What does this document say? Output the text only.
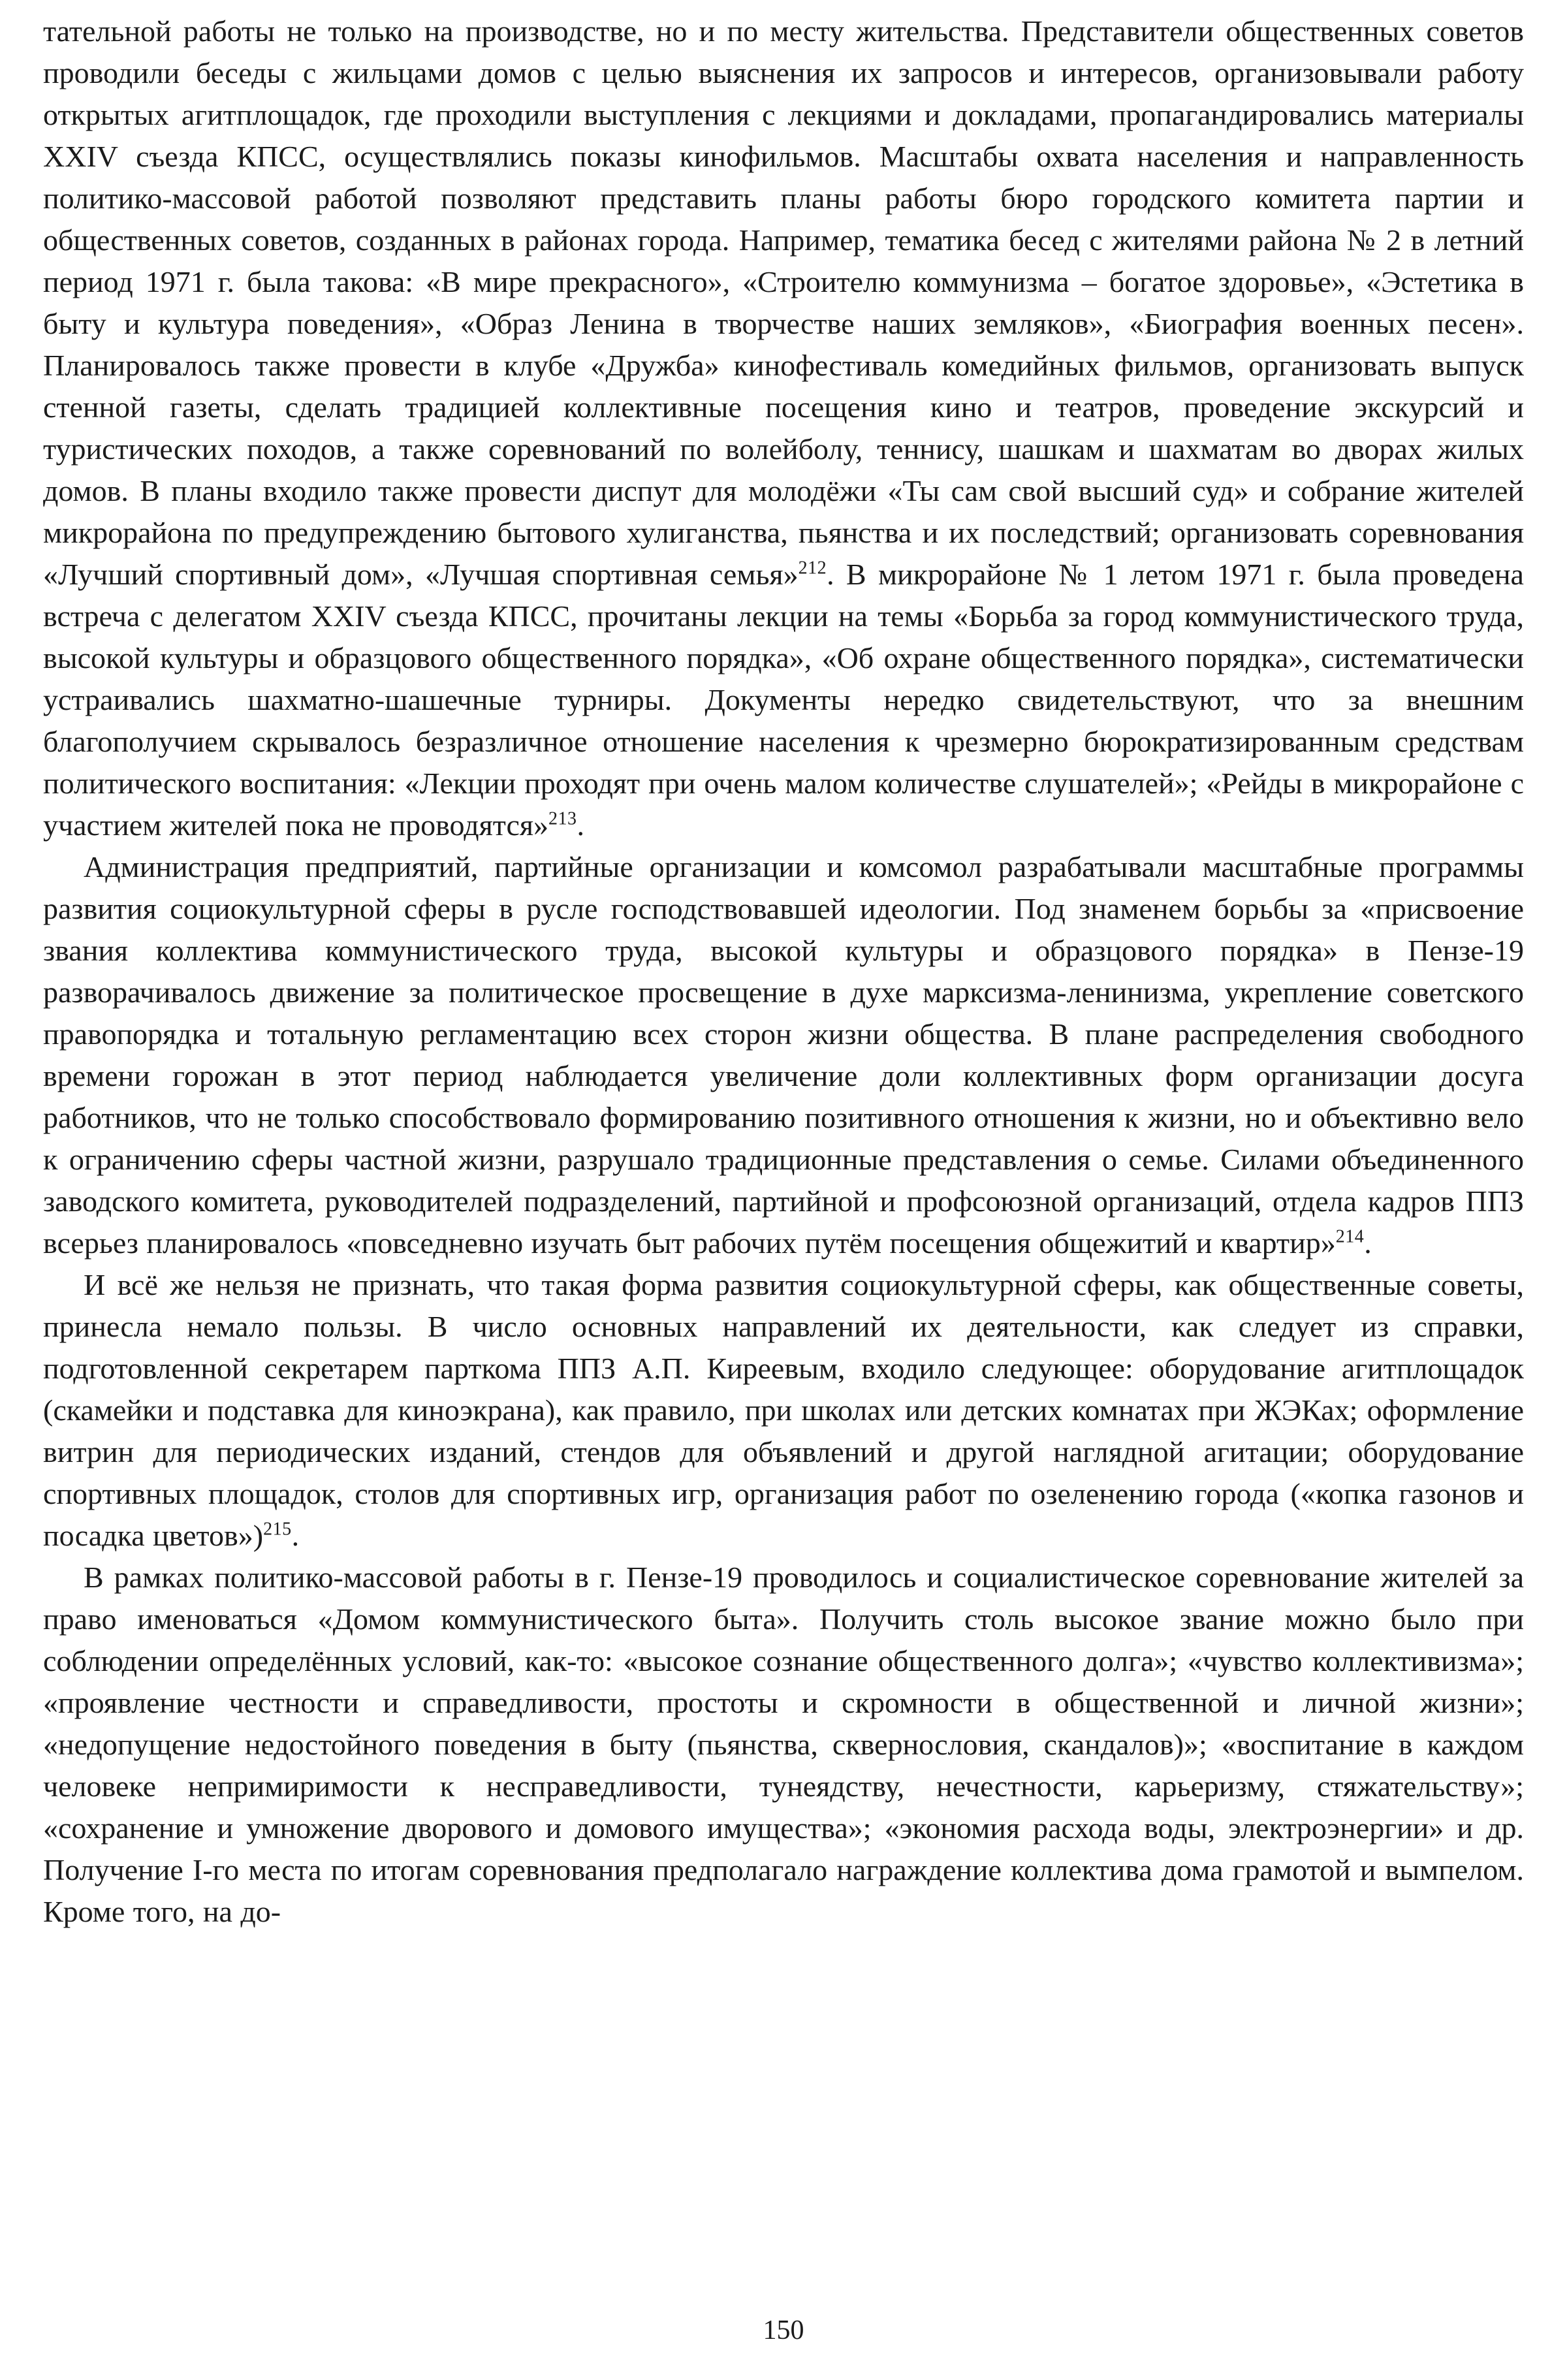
тательной работы не только на производстве, но и по месту жительства. Представители общественных советов проводили беседы с жильцами домов с целью выяснения их запросов и интересов, организовывали работу открытых агитплощадок, где проходили выступления с лекциями и докладами, пропагандировались материалы XXIV съезда КПСС, осуществлялись показы кинофильмов. Масштабы охвата населения и направленность политико-массовой работой позволяют представить планы работы бюро городского комитета партии и общественных советов, созданных в районах города. Например, тематика бесед с жителями района № 2 в летний период 1971 г. была такова: «В мире прекрасного», «Строителю коммунизма – богатое здоровье», «Эстетика в быту и культура поведения», «Образ Ленина в творчестве наших земляков», «Биография военных песен». Планировалось также провести в клубе «Дружба» кинофестиваль комедийных фильмов, организовать выпуск стенной газеты, сделать традицией коллективные посещения кино и театров, проведение экскурсий и туристических походов, а также соревнований по волейболу, теннису, шашкам и шахматам во дворах жилых домов. В планы входило также провести диспут для молодёжи «Ты сам свой высший суд» и собрание жителей микрорайона по предупреждению бытового хулиганства, пьянства и их последствий; организовать соревнования «Лучший спортивный дом», «Лучшая спортивная семья»$^{212}$. В микрорайоне № 1 летом 1971 г. была проведена встреча с делегатом XXIV съезда КПСС, прочитаны лекции на темы «Борьба за город коммунистического труда, высокой культуры и образцового общественного порядка», «Об охране общественного порядка», систематически устраивались шахматно-шашечные турниры. Документы нередко свидетельствуют, что за внешним благополучием скрывалось безразличное отношение населения к чрезмерно бюрократизированным средствам политического воспитания: «Лекции проходят при очень малом количестве слушателей»; «Рейды в микрорайоне с участием жителей пока не проводятся»$^{213}$.

Администрация предприятий, партийные организации и комсомол разрабатывали масштабные программы развития социокультурной сферы в русле господствовавшей идеологии. Под знаменем борьбы за «присвоение звания коллектива коммунистического труда, высокой культуры и образцового порядка» в Пензе-19 разворачивалось движение за политическое просвещение в духе марксизма-ленинизма, укрепление советского правопорядка и тотальную регламентацию всех сторон жизни общества. В плане распределения свободного времени горожан в этот период наблюдается увеличение доли коллективных форм организации досуга работников, что не только способствовало формированию позитивного отношения к жизни, но и объективно вело к ограничению сферы частной жизни, разрушало традиционные представления о семье. Силами объединенного заводского комитета, руководителей подразделений, партийной и профсоюзной организаций, отдела кадров ППЗ всерьез планировалось «повседневно изучать быт рабочих путём посещения общежитий и квартир»$^{214}$.

И всё же нельзя не признать, что такая форма развития социокультурной сферы, как общественные советы, принесла немало пользы. В число основных направлений их деятельности, как следует из справки, подготовленной секретарем парткома ППЗ А.П. Киреевым, входило следующее: оборудование агитплощадок (скамейки и подставка для киноэкрана), как правило, при школах или детских комнатах при ЖЭКах; оформление витрин для периодических изданий, стендов для объявлений и другой наглядной агитации; оборудование спортивных площадок, столов для спортивных игр, организация работ по озеленению города («копка газонов и посадка цветов»)$^{215}$.

В рамках политико-массовой работы в г. Пензе-19 проводилось и социалистическое соревнование жителей за право именоваться «Домом коммунистического быта». Получить столь высокое звание можно было при соблюдении определённых условий, как-то: «высокое сознание общественного долга»; «чувство коллективизма»; «проявление честности и справедливости, простоты и скромности в общественной и личной жизни»; «недопущение недостойного поведения в быту (пьянства, сквернословия, скандалов)»; «воспитание в каждом человеке непримиримости к несправедливости, тунеядству, нечестности, карьеризму, стяжательству»; «сохранение и умножение дворового и домового имущества»; «экономия расхода воды, электроэнергии» и др. Получение I-го места по итогам соревнования предполагало награждение коллектива дома грамотой и вымпелом. Кроме того, на до-

150
